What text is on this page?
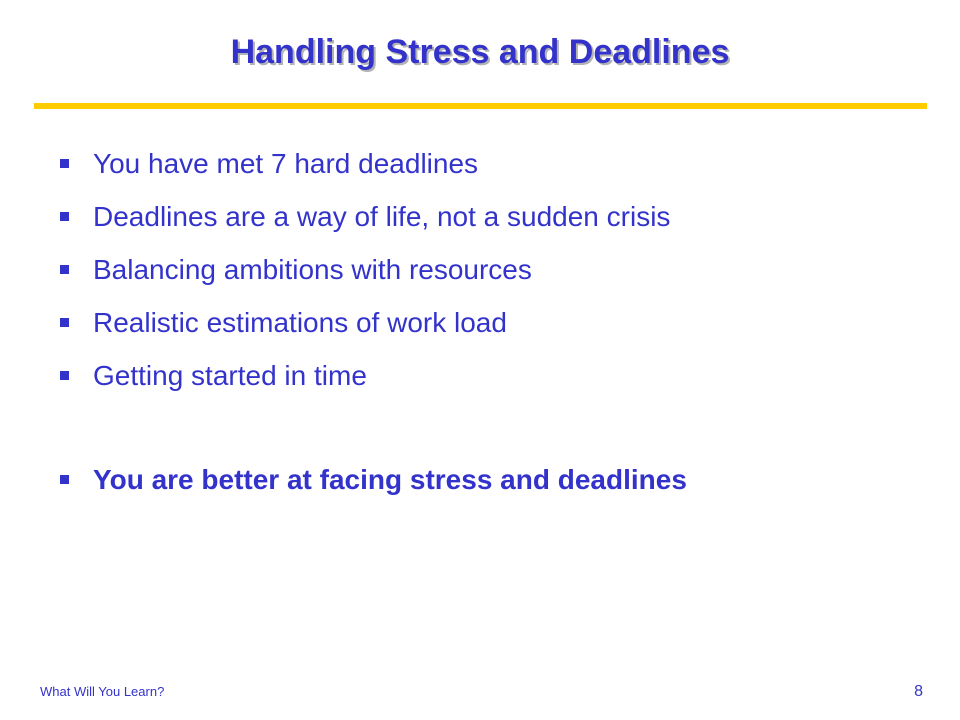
Handling Stress and Deadlines
You have met 7 hard deadlines
Deadlines are a way of life, not a sudden crisis
Balancing ambitions with resources
Realistic estimations of work load
Getting started in time
You are better at facing stress and deadlines
What Will You Learn?	8
